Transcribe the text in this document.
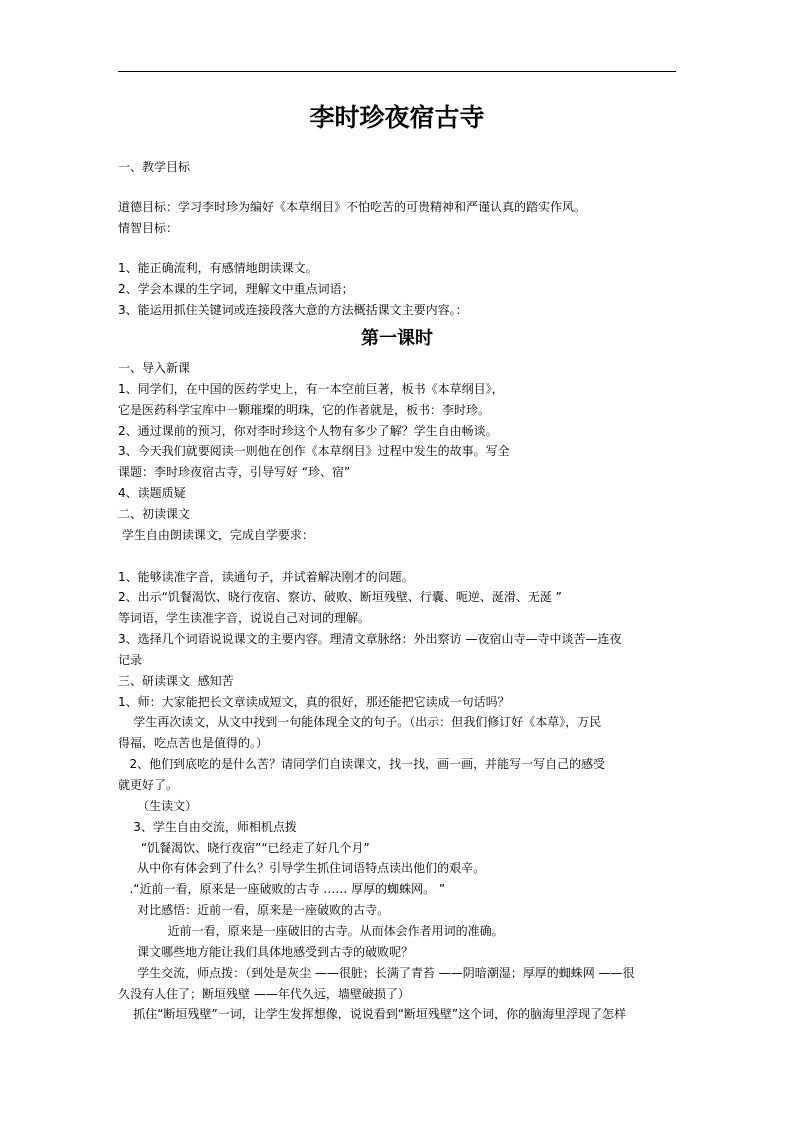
李时珍夜宿古寺
一、教学目标
道德目标：学习李时珍为编好《本草纲目》不怕吃苦的可贵精神和严谨认真的踏实作风。
情智目标：
1、能正确流利，有感情地朗读课文。
2、学会本课的生字词，理解文中重点词语；
3、能运用抓住关键词或连接段落大意的方法概括课文主要内容。：
第一课时
一、导入新课
1、同学们，在中国的医药学史上，有一本空前巨著，板书《本草纲目》，
它是医药科学宝库中一颗璀璨的明珠，它的作者就是，板书：李时珍。
2、通过课前的预习，你对李时珍这个人物有多少了解？学生自由畅谈。
3、今天我们就要阅读一则他在创作《本草纲目》过程中发生的故事。写全
课题：李时珍夜宿古寺，引导写好 “珍、宿”
4、读题质疑
二、初读课文
学生自由朗读课文，完成自学要求：
1、能够读准字音，读通句子，并试着解决刚才的问题。
2、出示“饥餐渴饮、晓行夜宿、察访、破败、断垣残壁、行囊、呃逆、涎滑、无涎 ”
等词语，学生读准字音，说说自己对词的理解。
3、选择几个词语说说课文的主要内容。理清文章脉络：外出察访 —夜宿山寺—寺中谈苦—连夜
记录
三、研读课文  感知苦
1、师：大家能把长文章读成短文，真的很好，那还能把它读成一句话吗？
学生再次读文，从文中找到一句能体现全文的句子。（出示：但我们修订好《本草》，万民
得福，吃点苦也是值得的。）
2、他们到底吃的是什么苦？请同学们自读课文，找一找，画一画，并能写一写自己的感受
就更好了。
（生读文）
3、学生自由交流，师相机点拨
“饥餐渴饮、晓行夜宿”“已经走了好几个月”
从中你有体会到了什么？引导学生抓住词语特点读出他们的艰辛。
.“近前一看，原来是一座破败的古寺 …… 厚厚的蜘蛛网。 ”
对比感悟：近前一看，原来是一座破败的古寺。
近前一看，原来是一座破旧的古寺。从而体会作者用词的准确。
课文哪些地方能让我们具体地感受到古寺的破败呢？
学生交流，师点拨：（到处是灰尘 ——很脏；长满了青苔 ——阴暗潮湿；厚厚的蜘蛛网 ——很
久没有人住了；断垣残壁 ——年代久远，墙壁破损了）
抓住“断垣残壁”一词，让学生发挥想像，说说看到“断垣残壁”这个词，你的脑海里浮现了怎样
